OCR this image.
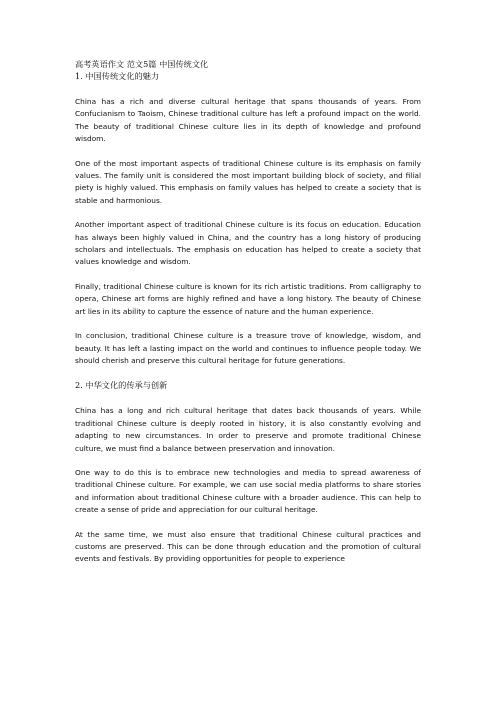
高考英语作文 范文5篇 中国传统文化

1. 中国传统文化的魅力

China has a rich and diverse cultural heritage that spans thousands of years. From Confucianism to Taoism, Chinese traditional culture has left a profound impact on the world. The beauty of traditional Chinese culture lies in its depth of knowledge and profound wisdom.

One of the most important aspects of traditional Chinese culture is its emphasis on family values. The family unit is considered the most important building block of society, and filial piety is highly valued. This emphasis on family values has helped to create a society that is stable and harmonious.

Another important aspect of traditional Chinese culture is its focus on education. Education has always been highly valued in China, and the country has a long history of producing scholars and intellectuals. The emphasis on education has helped to create a society that values knowledge and wisdom.

Finally, traditional Chinese culture is known for its rich artistic traditions. From calligraphy to opera, Chinese art forms are highly refined and have a long history. The beauty of Chinese art lies in its ability to capture the essence of nature and the human experience.

In conclusion, traditional Chinese culture is a treasure trove of knowledge, wisdom, and beauty. It has left a lasting impact on the world and continues to influence people today. We should cherish and preserve this cultural heritage for future generations.

2. 中华文化的传承与创新

China has a long and rich cultural heritage that dates back thousands of years. While traditional Chinese culture is deeply rooted in history, it is also constantly evolving and adapting to new circumstances. In order to preserve and promote traditional Chinese culture, we must find a balance between preservation and innovation.

One way to do this is to embrace new technologies and media to spread awareness of traditional Chinese culture. For example, we can use social media platforms to share stories and information about traditional Chinese culture with a broader audience. This can help to create a sense of pride and appreciation for our cultural heritage.

At the same time, we must also ensure that traditional Chinese cultural practices and customs are preserved. This can be done through education and the promotion of cultural events and festivals. By providing opportunities for people to experience
